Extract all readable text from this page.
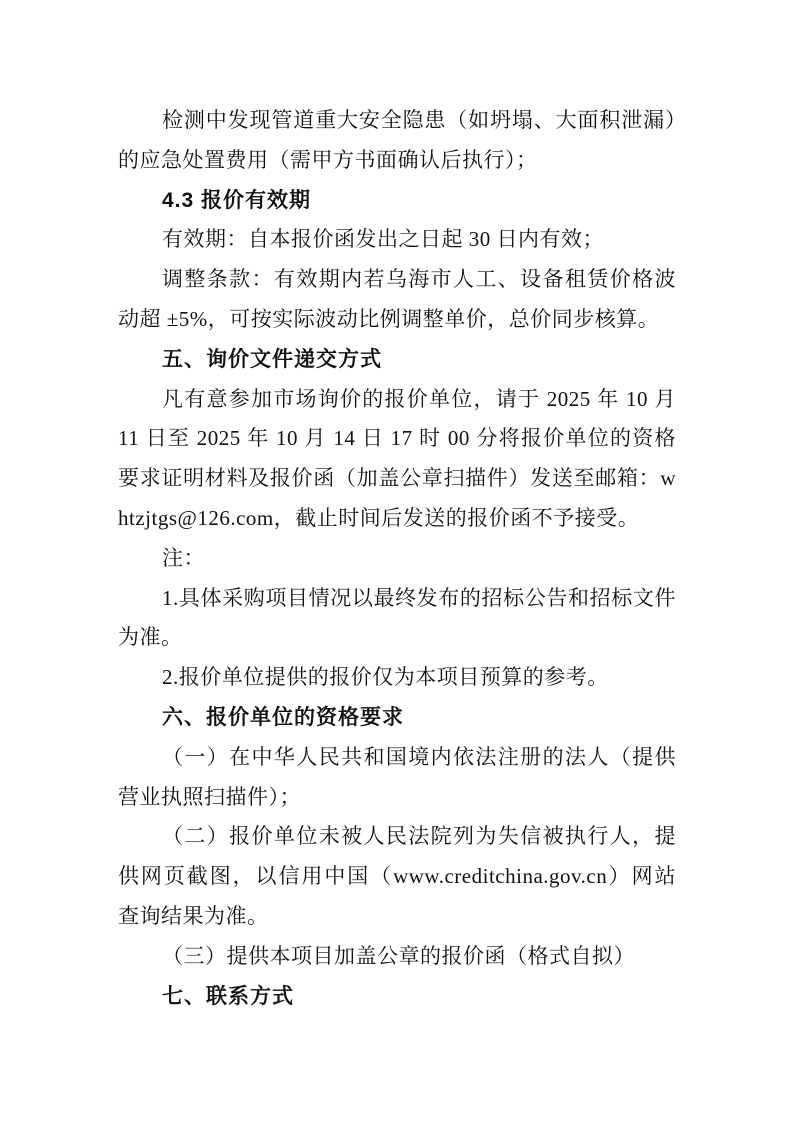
检测中发现管道重大安全隐患（如坍塌、大面积泄漏）的应急处置费用（需甲方书面确认后执行）；

4.3 报价有效期

有效期：自本报价函发出之日起 30 日内有效；

调整条款：有效期内若乌海市人工、设备租赁价格波动超 ±5%，可按实际波动比例调整单价，总价同步核算。

五、询价文件递交方式

凡有意参加市场询价的报价单位，请于 2025 年 10 月 11 日至 2025 年 10 月 14 日 17 时 00 分将报价单位的资格要求证明材料及报价函（加盖公章扫描件）发送至邮箱：whtzjtgs@126.com，截止时间后发送的报价函不予接受。

注：

1.具体采购项目情况以最终发布的招标公告和招标文件为准。

2.报价单位提供的报价仅为本项目预算的参考。

六、报价单位的资格要求

（一）在中华人民共和国境内依法注册的法人（提供营业执照扫描件）；

（二）报价单位未被人民法院列为失信被执行人，提供网页截图，以信用中国（www.creditchina.gov.cn）网站查询结果为准。

（三）提供本项目加盖公章的报价函（格式自拟）

七、联系方式
